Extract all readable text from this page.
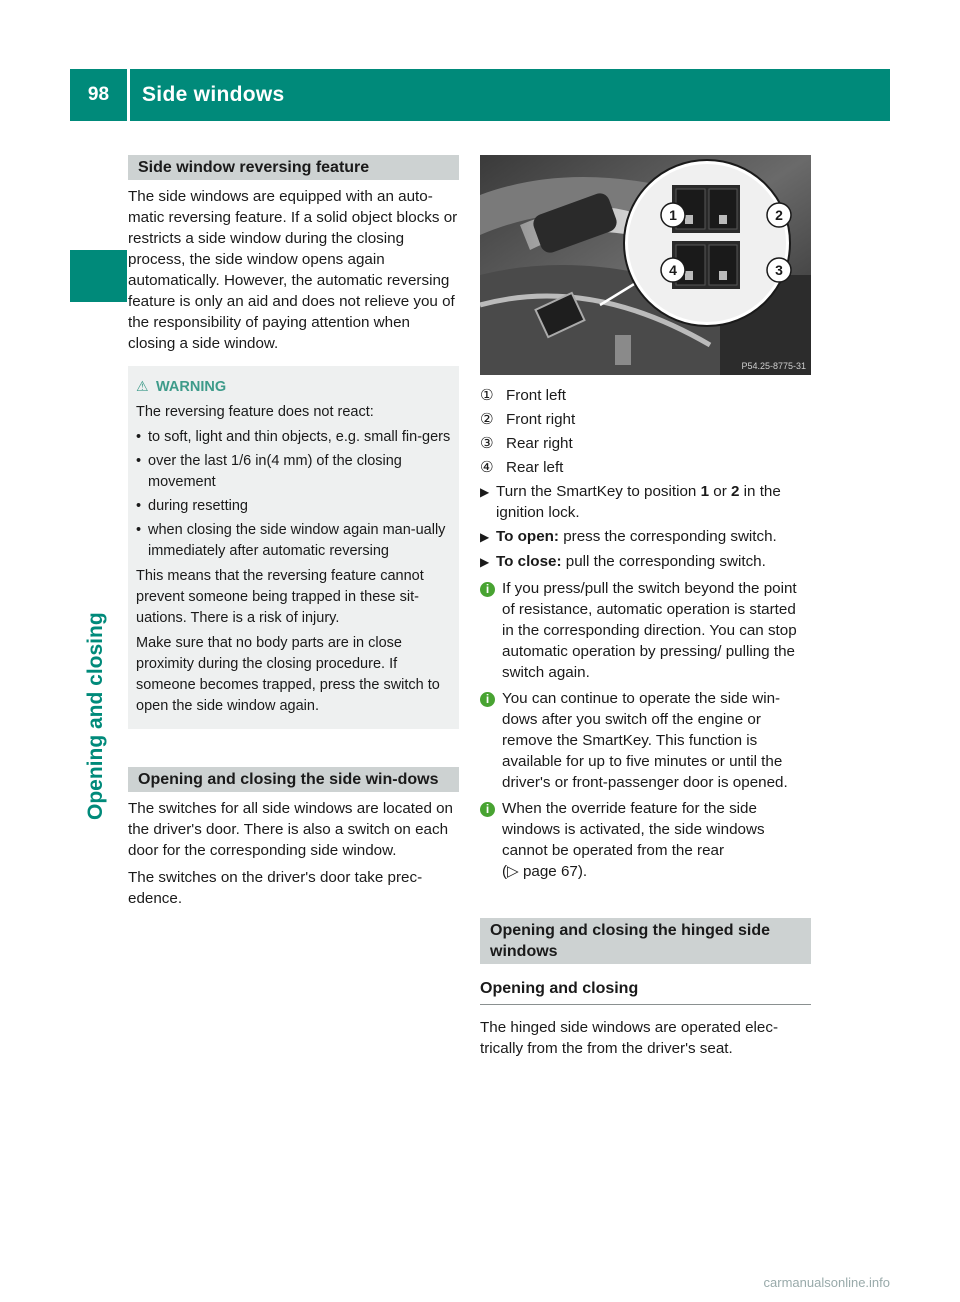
98	Side windows
Opening and closing
Side window reversing feature

The side windows are equipped with an auto-matic reversing feature. If a solid object blocks or restricts a side window during the closing process, the side window opens again automatically. However, the automatic reversing feature is only an aid and does not relieve you of the responsibility of paying attention when closing a side window.

⚠ WARNING
The reversing feature does not react:
• to soft, light and thin objects, e.g. small fin-gers
• over the last 1/6 in(4 mm) of the closing movement
• during resetting
• when closing the side window again man-ually immediately after automatic reversing

This means that the reversing feature cannot prevent someone being trapped in these sit-uations. There is a risk of injury.

Make sure that no body parts are in close proximity during the closing procedure. If someone becomes trapped, press the switch to open the side window again.

Opening and closing the side win-dows

The switches for all side windows are located on the driver's door. There is also a switch on each door for the corresponding side window.

The switches on the driver's door take prec-edence.

1	2
3
4
P54.25-8775-31
① Front left
② Front right
③ Rear right
④ Rear left
▶ Turn the SmartKey to position 1 or 2 in the ignition lock.
▶ To open: press the corresponding switch.
▶ To close: pull the corresponding switch.
i If you press/pull the switch beyond the point of resistance, automatic operation is started in the corresponding direction. You can stop automatic operation by pressing/ pulling the switch again.
i You can continue to operate the side win-dows after you switch off the engine or remove the SmartKey. This function is available for up to five minutes or until the driver's or front-passenger door is opened.
i When the override feature for the side windows is activated, the side windows cannot be operated from the rear
(▷ page 67).
Opening and closing the hinged side windows
Opening and closing

The hinged side windows are operated elec-trically from the from the driver's seat.

carmanualsonline.info
